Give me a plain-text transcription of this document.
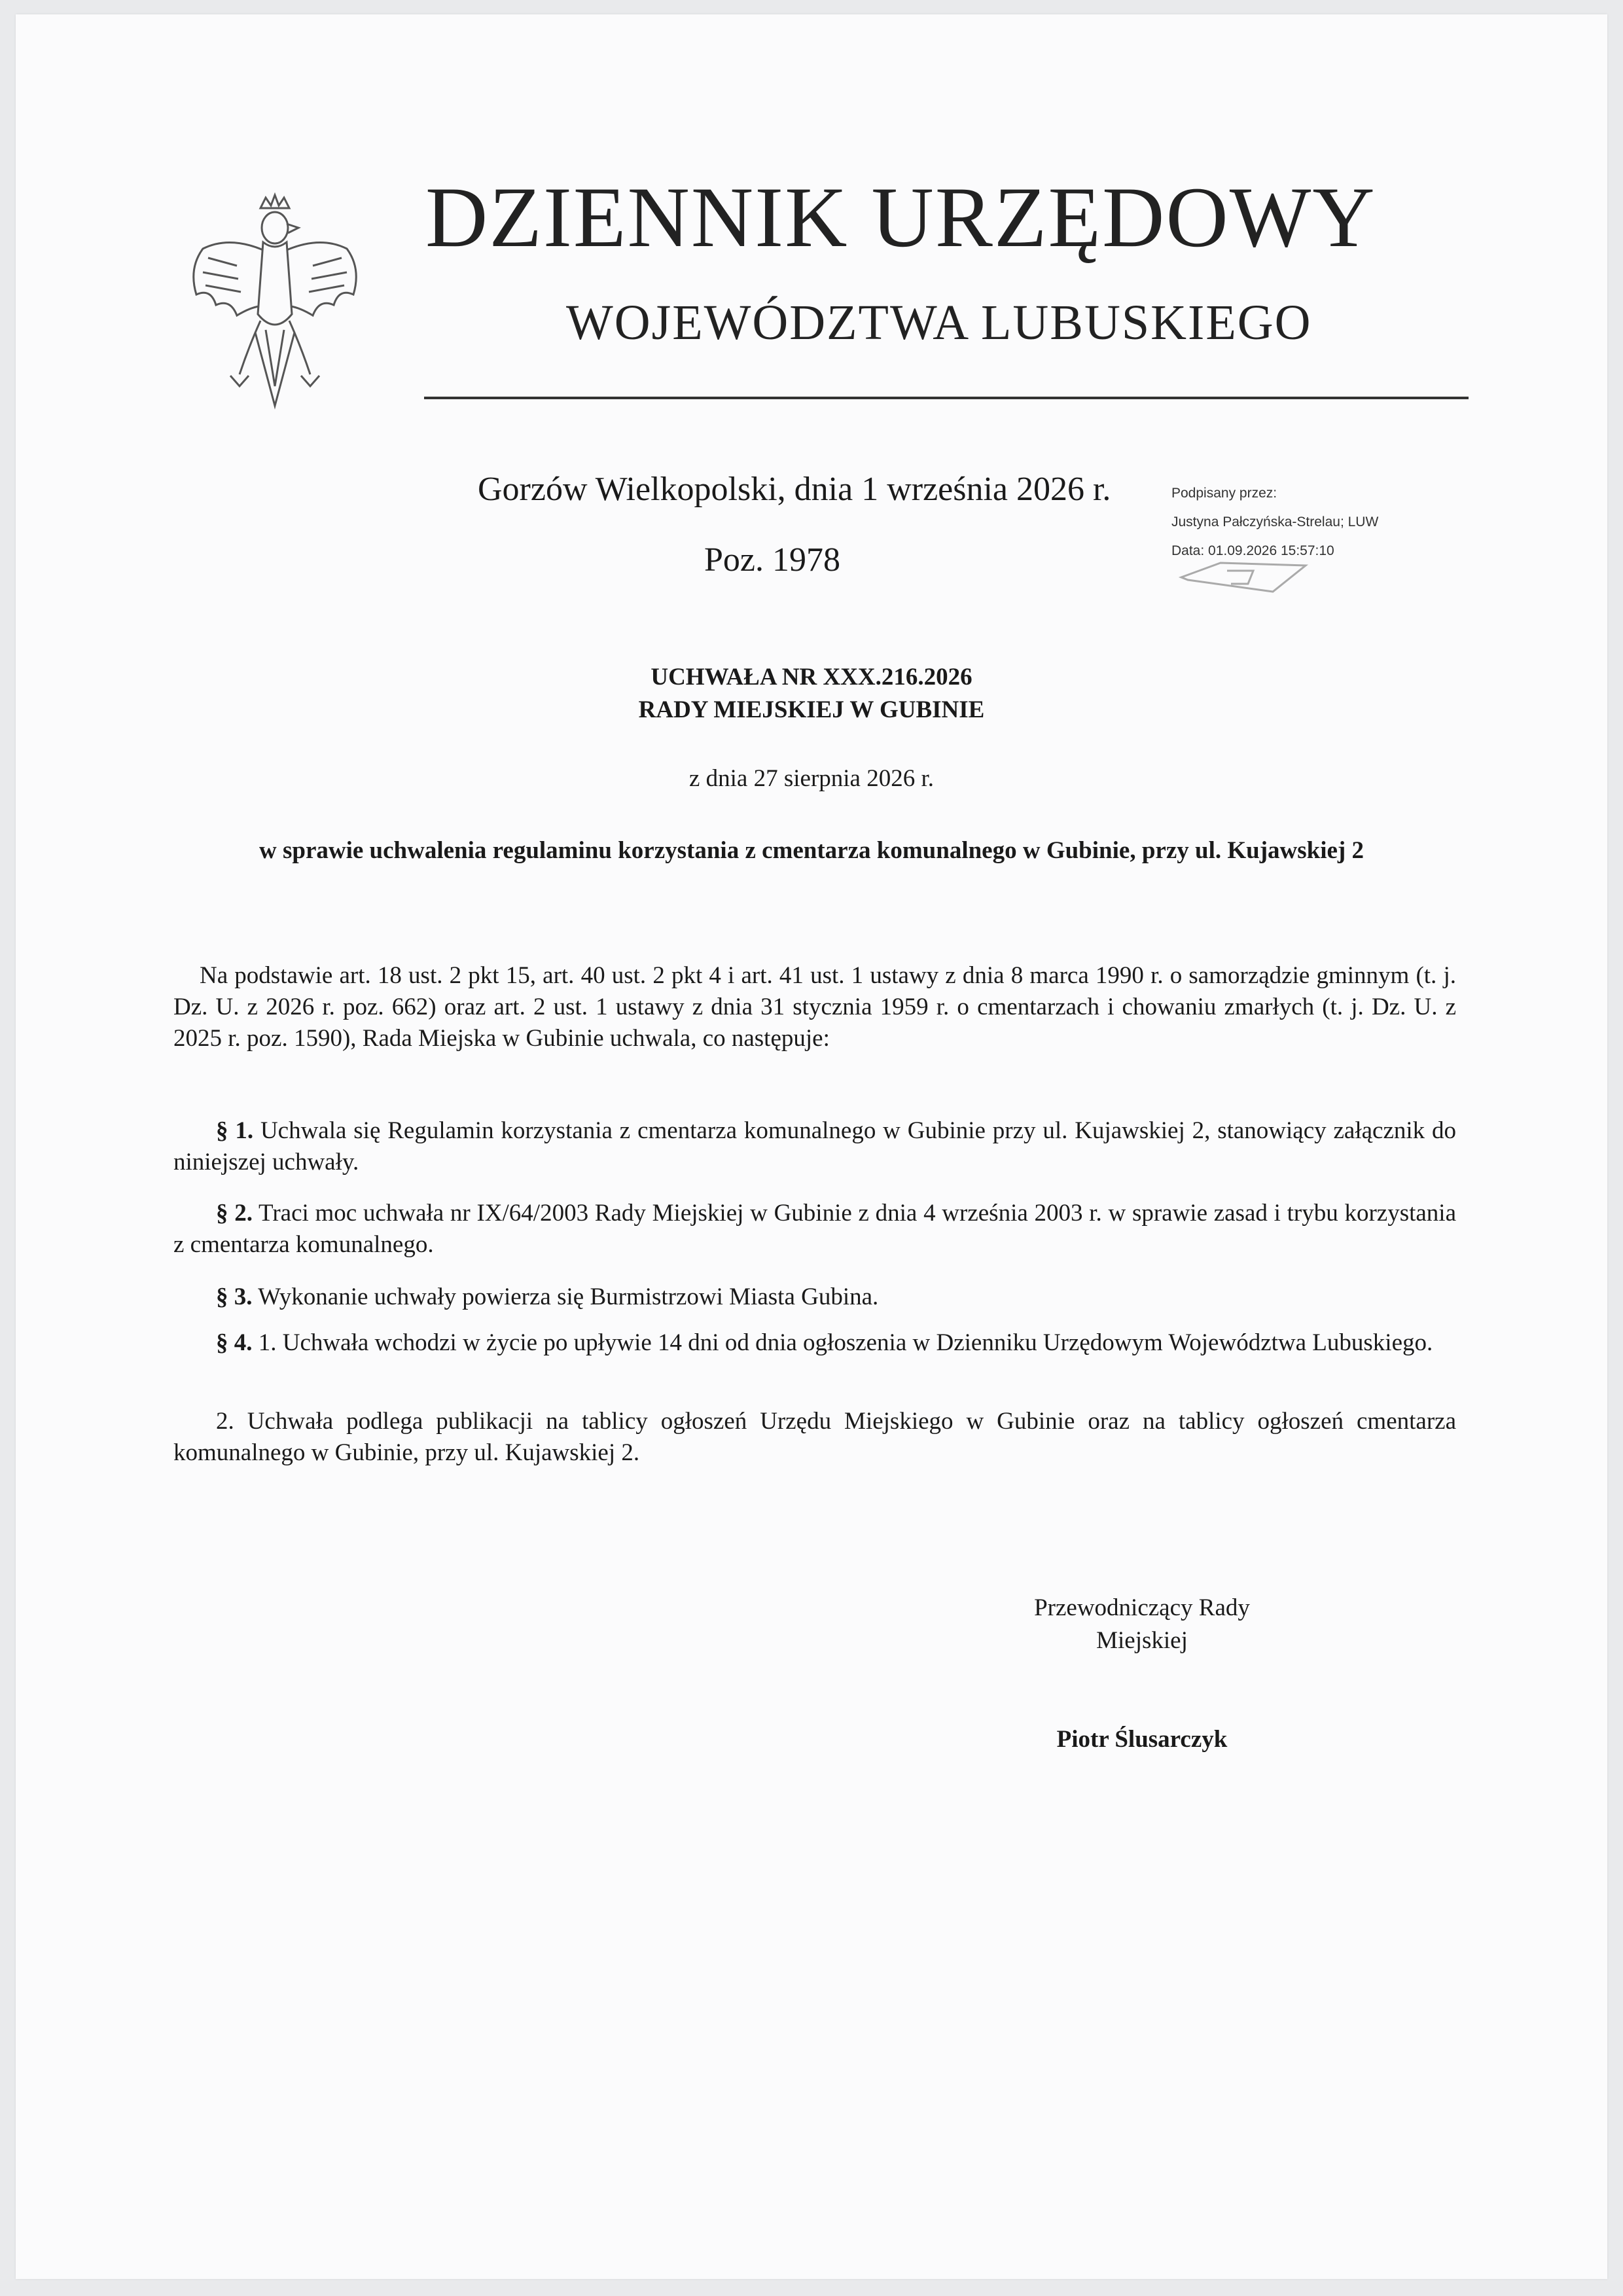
DZIENNIK URZĘDOWY
WOJEWÓDZTWA LUBUSKIEGO
Gorzów Wielkopolski, dnia 1 września 2026 r.
Poz. 1978
Podpisany przez:
Justyna Pałczyńska-Strelau; LUW
Data: 01.09.2026 15:57:10
UCHWAŁA NR XXX.216.2026
RADY MIEJSKIEJ W GUBINIE
z dnia 27 sierpnia 2026 r.
w sprawie uchwalenia regulaminu korzystania z cmentarza komunalnego w Gubinie, przy ul. Kujawskiej 2

Na podstawie art. 18 ust. 2 pkt 15, art. 40 ust. 2 pkt 4 i art. 41 ust. 1 ustawy z dnia 8 marca 1990 r. o samorządzie gminnym (t. j. Dz. U. z 2026 r. poz. 662) oraz art. 2 ust. 1 ustawy z dnia 31 stycznia 1959 r. o cmentarzach i chowaniu zmarłych (t. j. Dz. U. z 2025 r. poz. 1590), Rada Miejska w Gubinie uchwala, co następuje:

§ 1. Uchwala się Regulamin korzystania z cmentarza komunalnego w Gubinie przy ul. Kujawskiej 2, stanowiący załącznik do niniejszej uchwały.

§ 2. Traci moc uchwała nr IX/64/2003 Rady Miejskiej w Gubinie z dnia 4 września 2003 r. w sprawie zasad i trybu korzystania z cmentarza komunalnego.

§ 3. Wykonanie uchwały powierza się Burmistrzowi Miasta Gubina.

§ 4. 1. Uchwała wchodzi w życie po upływie 14 dni od dnia ogłoszenia w Dzienniku Urzędowym Województwa Lubuskiego.

2. Uchwała podlega publikacji na tablicy ogłoszeń Urzędu Miejskiego w Gubinie oraz na tablicy ogłoszeń cmentarza komunalnego w Gubinie, przy ul. Kujawskiej 2.

Przewodniczący Rady
Miejskiej
Piotr Ślusarczyk
